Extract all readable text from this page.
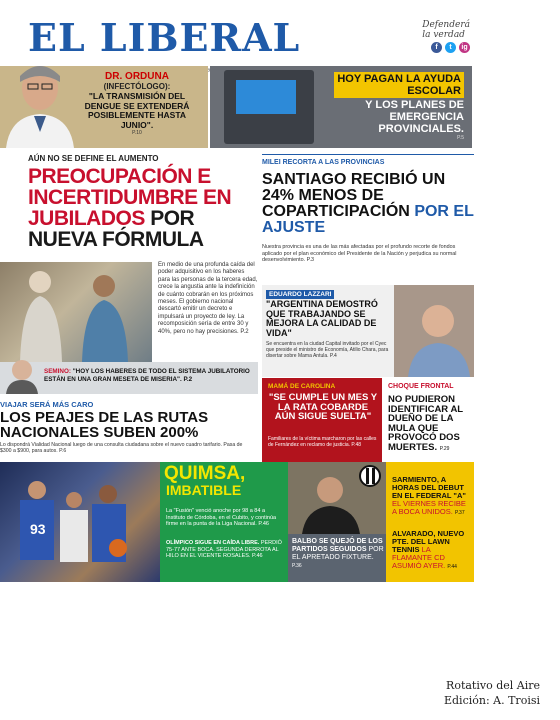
EL LIBERAL	Defenderá
la verdad
f	t	ig
DR. ORDUNA
(INFECTÓLOGO):
"LA TRANSMISIÓN DEL DENGUE SE EXTENDERÁ POSIBLEMENTE HASTA JUNIO".
P.10
HOY PAGAN LA AYUDA ESCOLAR
Y LOS PLANES DE EMERGENCIA PROVINCIALES.
P.5
AÚN NO SE DEFINE EL AUMENTO
PREOCUPACIÓN E INCERTIDUMBRE EN JUBILADOS POR NUEVA FÓRMULA
En medio de una profunda caída del poder adquisitivo en los haberes para las personas de la tercera edad, crece la angustia ante la indefinición de cuánto cobrarán en los próximos meses. El gobierno nacional descartó emitir un decreto e impulsará un proyecto de ley. La recomposición sería de entre 30 y 40%, pero no hay precisiones. P.2
SEMINO: "HOY LOS HABERES DE TODO EL SISTEMA JUBILATORIO ESTÁN EN UNA GRAN MESETA DE MISERIA". P.2
MILEI RECORTA A LAS PROVINCIAS
SANTIAGO RECIBIÓ UN 24% MENOS DE COPARTICIPACIÓN POR EL AJUSTE
Nuestra provincia es una de las más afectadas por el profundo recorte de fondos aplicado por el plan económico del Presidente de la Nación y perjudica su normal desenvolvimiento. P.3
EDUARDO LAZZARI
"ARGENTINA DEMOSTRÓ QUE TRABAJANDO SE MEJORA LA CALIDAD DE VIDA"
Se encuentra en la ciudad Capital invitado por el Cyec que preside el ministro de Economía, Atilio Chara, para disertar sobre Mama Antula. P.4
VIAJAR SERÁ MÁS CARO
LOS PEAJES DE LAS RUTAS NACIONALES SUBEN 200%
Lo dispondrá Vialidad Nacional luego de una consulta ciudadana sobre el nuevo cuadro tarifario. Pasa de $300 a $900, para autos. P.6
MAMÁ DE CAROLINA
"SE CUMPLE UN MES Y LA RATA COBARDE AÚN SIGUE SUELTA"
Familiares de la víctima marcharon por las calles de Fernández en reclamo de justicia. P.48
CHOQUE FRONTAL
NO PUDIERON IDENTIFICAR AL DUEÑO DE LA MULA QUE PROVOCÓ DOS MUERTES. P.29
93
QUIMSA,
IMBATIBLE
La "Fusión" venció anoche por 98 a 84 a Instituto de Córdoba, en el Cubito, y continúa firme en la punta de la Liga Nacional. P.46
OLÍMPICO SIGUE EN CAÍDA LIBRE. PERDIÓ 75-77 ANTE BOCA. SEGUNDA DERROTA AL HILO EN EL VICENTE ROSALES. P.46
BALBO SE QUEJÓ DE LOS PARTIDOS SEGUIDOS POR EL APRETADO FIXTURE. P.36
SARMIENTO, A HORAS DEL DEBUT EN EL FEDERAL "A" EL VIERNES RECIBE A BOCA UNIDOS. P.37
ALVARADO, NUEVO PTE. DEL LAWN TENNIS LA FLAMANTE CD ASUMIÓ AYER. P.44
Rotativo del Aire
Edición: A. Troisi
